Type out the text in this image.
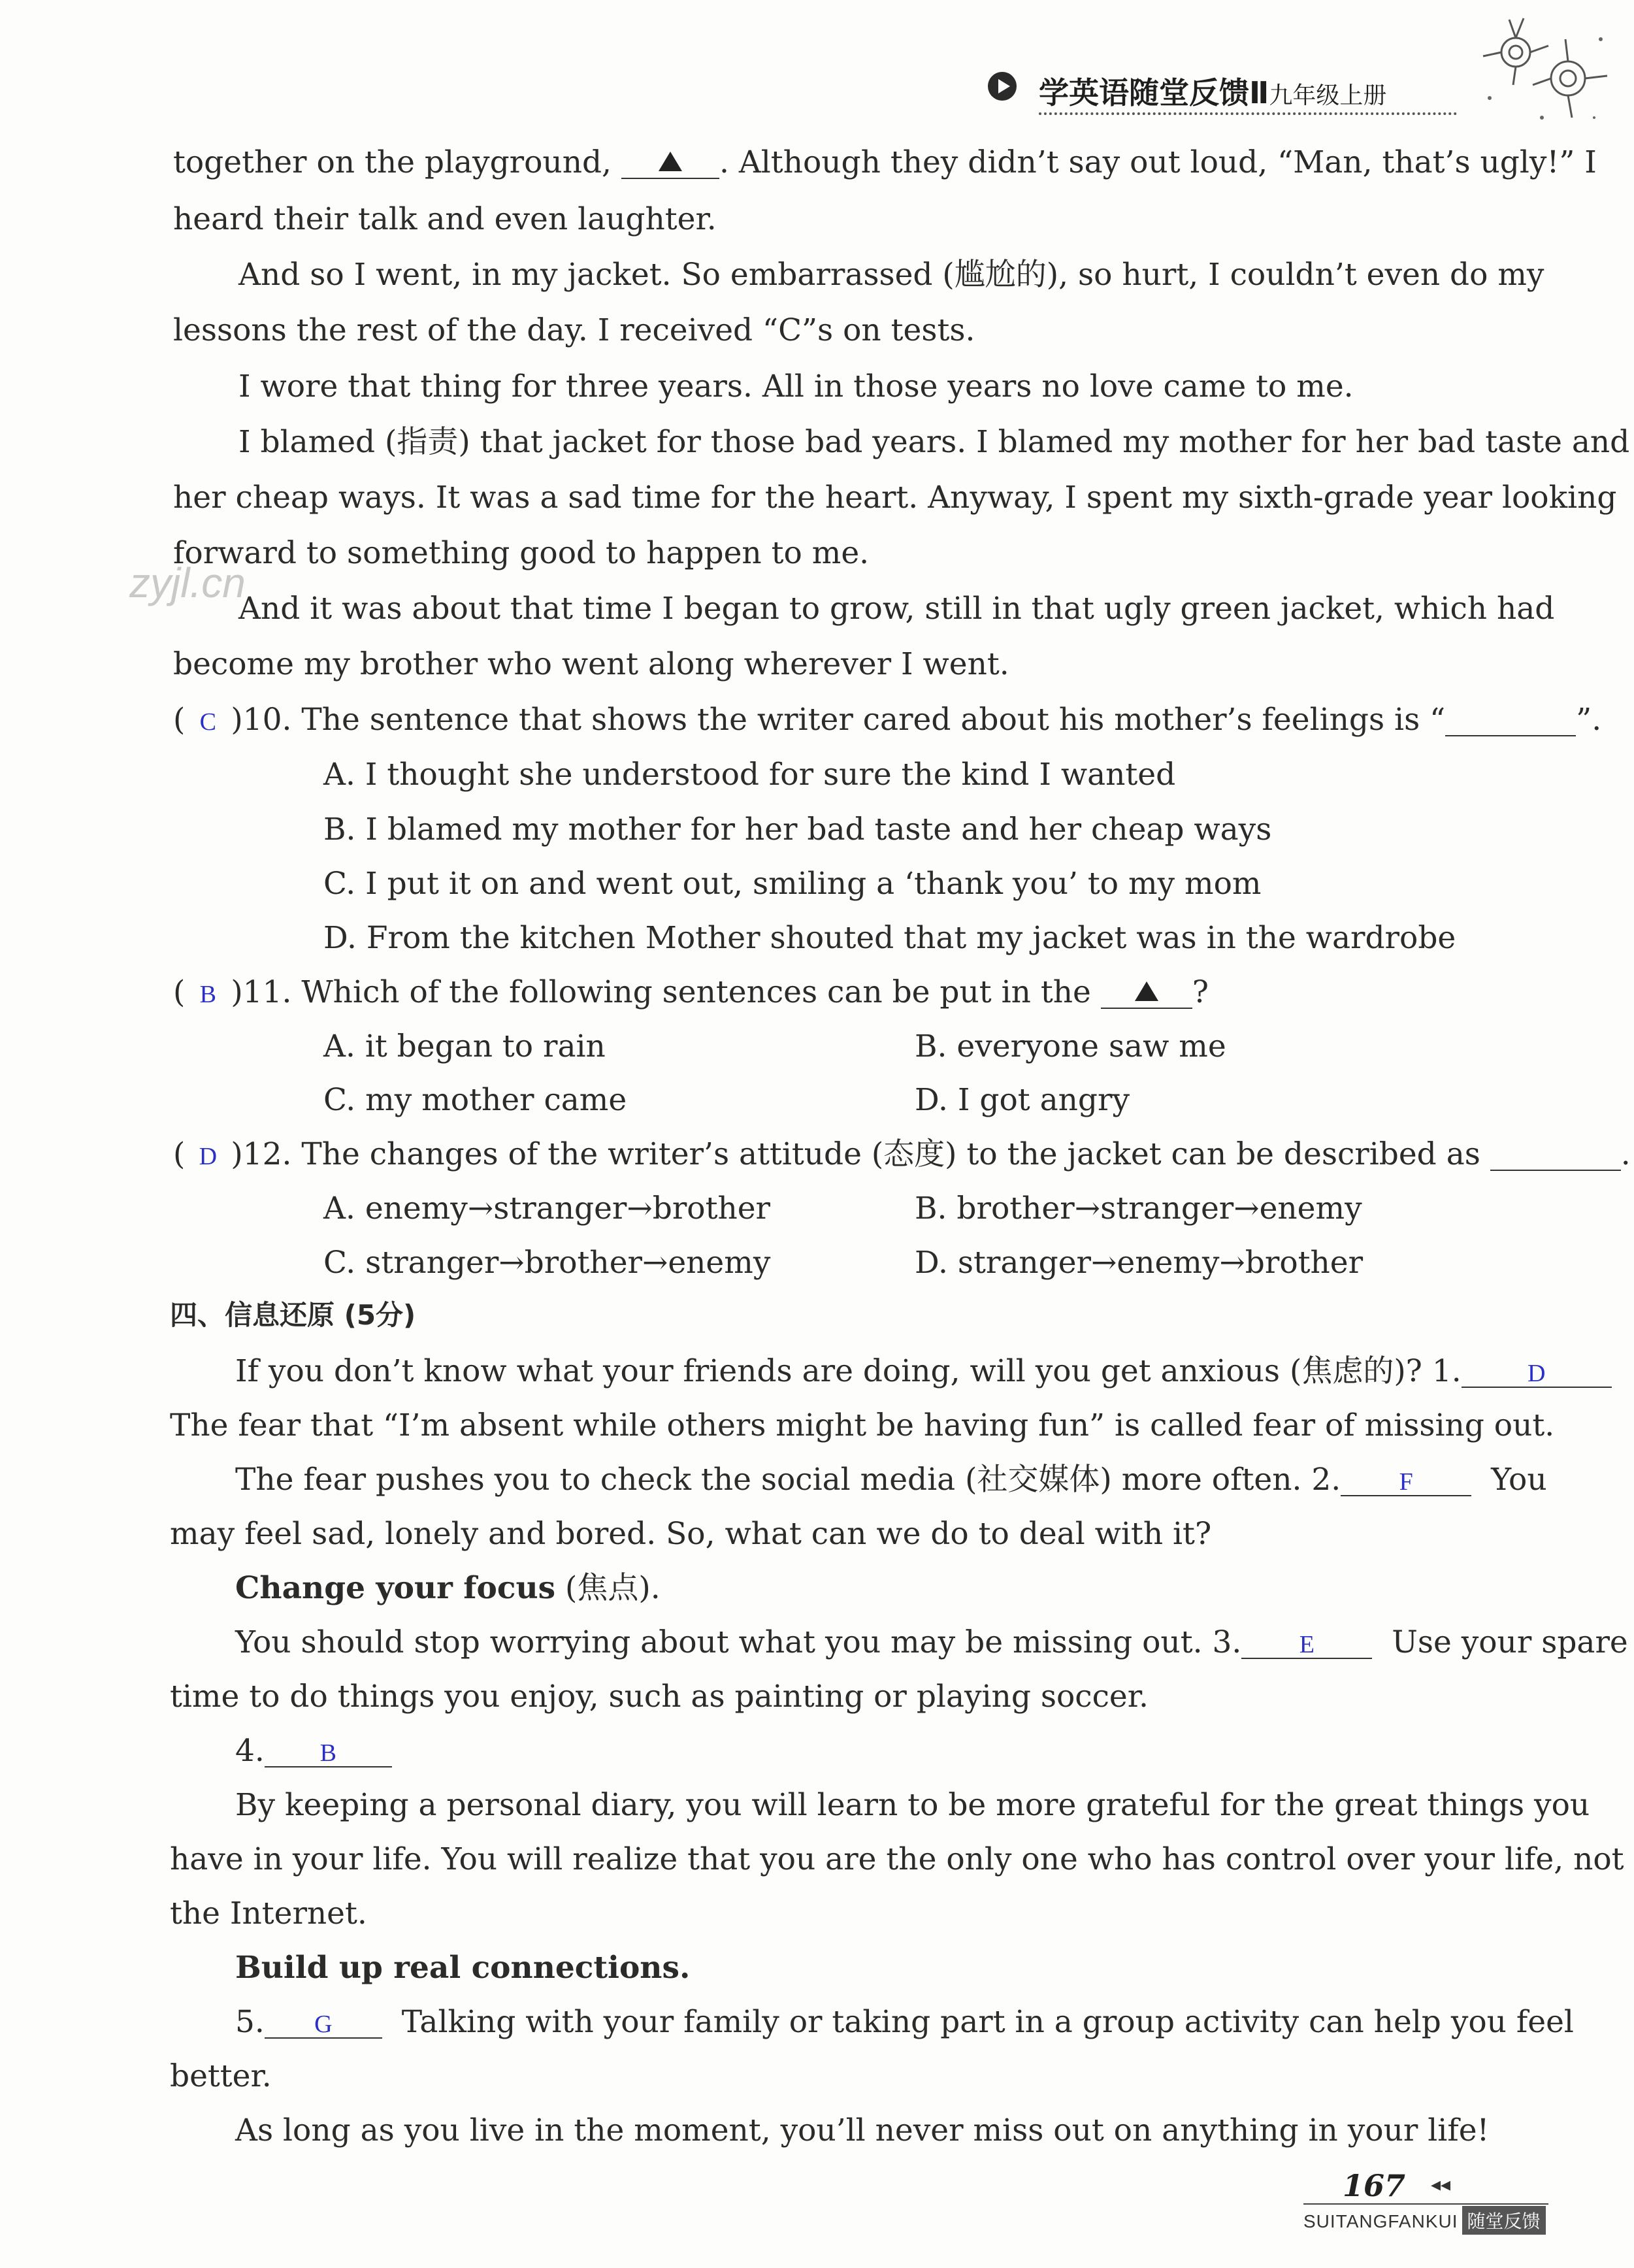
学英语随堂反馈Ⅱ九年级上册
zyjl.cn
together on the playground,	. Although they didn’t say out loud, “Man, that’s ugly!” I
heard their talk and even laughter.
And so I went, in my jacket. So embarrassed (尴尬的), so hurt, I couldn’t even do my
lessons the rest of the day. I received “C”s on tests.
I wore that thing for three years. All in those years no love came to me.
I blamed (指责) that jacket for those bad years. I blamed my mother for her bad taste and
her cheap ways. It was a sad time for the heart. Anyway, I spent my sixth-grade year looking
forward to something good to happen to me.
And it was about that time I began to grow, still in that ugly green jacket, which had
become my brother who went along wherever I went.
( C )10. The sentence that shows the writer cared about his mother’s feelings is “	”.
A. I thought she understood for sure the kind I wanted
B. I blamed my mother for her bad taste and her cheap ways
C. I put it on and went out, smiling a ‘thank you’ to my mom
D. From the kitchen Mother shouted that my jacket was in the wardrobe
( B )11. Which of the following sentences can be put in the	?
A. it began to rain	B. everyone saw me
C. my mother came	D. I got angry
( D )12. The changes of the writer’s attitude (态度) to the jacket can be described as	.
A. enemy→stranger→brother	B. brother→stranger→enemy
C. stranger→brother→enemy	D. stranger→enemy→brother
四、信息还原 (5分)
If you don’t know what your friends are doing, will you get anxious (焦虑的)? 1.	D
The fear that “I’m absent while others might be having fun” is called fear of missing out.
The fear pushes you to check the social media (社交媒体) more often. 2. F	You
may feel sad, lonely and bored. So, what can we do to deal with it?
Change your focus (焦点).
You should stop worrying about what you may be missing out. 3. E	Use your spare
time to do things you enjoy, such as painting or playing soccer.
4. B
By keeping a personal diary, you will learn to be more grateful for the great things you
have in your life. You will realize that you are the only one who has control over your life, not
the Internet.
Build up real connections.
5. G Talking with your family or taking part in a group activity can help you feel
better.
As long as you live in the moment, you’ll never miss out on anything in your life!
167 ◂◂
SUITANGFANKUI 随堂反馈
